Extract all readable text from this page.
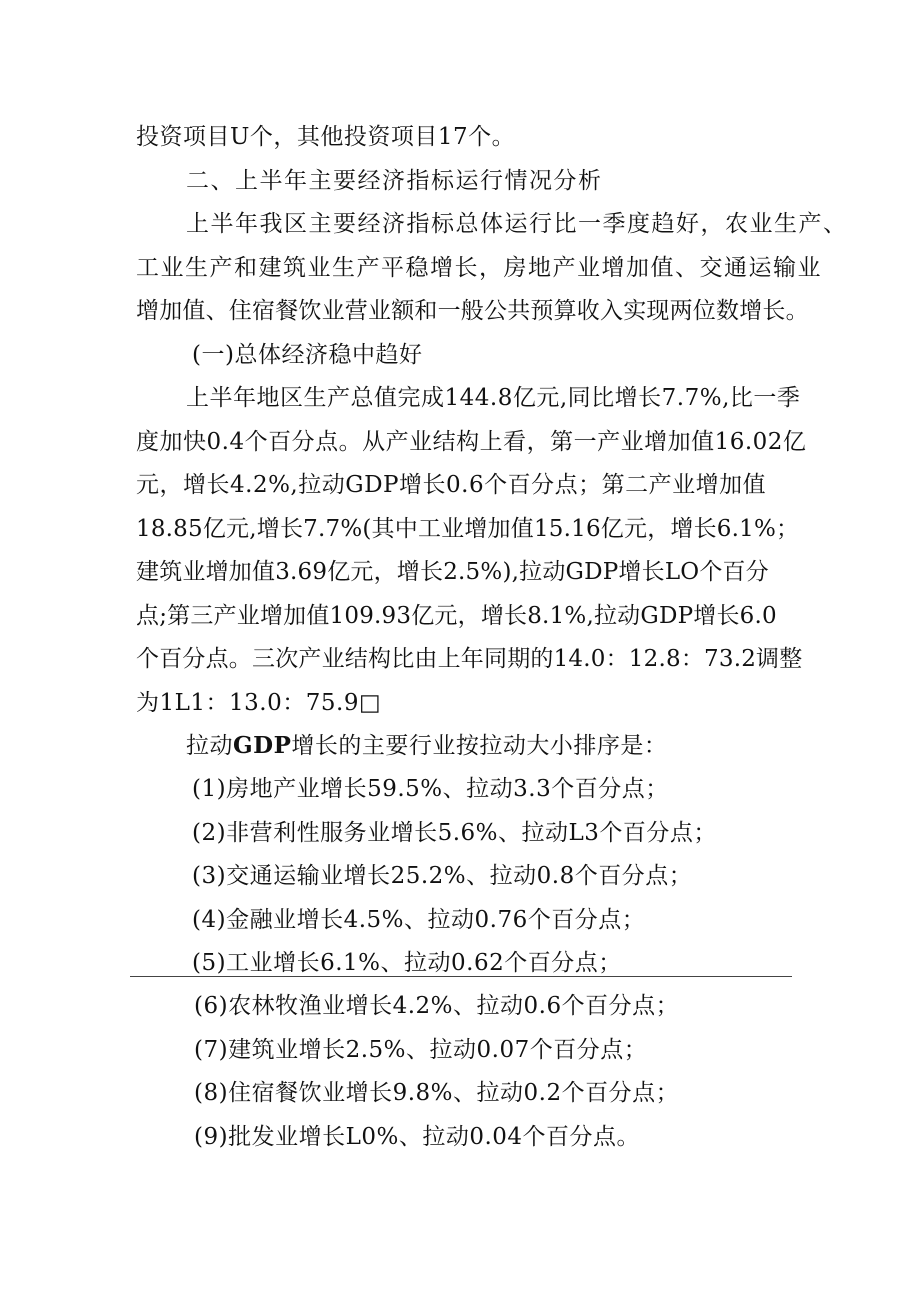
投资项目U个，其他投资项目17个。
二、上半年主要经济指标运行情况分析
上半年我区主要经济指标总体运行比一季度趋好，农业生产、
工业生产和建筑业生产平稳增长，房地产业增加值、交通运输业
增加值、住宿餐饮业营业额和一般公共预算收入实现两位数增长。
(一)总体经济稳中趋好
上半年地区生产总值完成144.8亿元,同比增长7.7%,比一季
度加快0.4个百分点。从产业结构上看，第一产业增加值16.02亿
元，增长4.2%,拉动GDP增长0.6个百分点；第二产业增加值
18.85亿元,增长7.7%(其中工业增加值15.16亿元，增长6.1%；
建筑业增加值3.69亿元，增长2.5%),拉动GDP增长LO个百分
点;第三产业增加值109.93亿元，增长8.1%,拉动GDP增长6.0
个百分点。三次产业结构比由上年同期的14.0：12.8：73.2调整
为1L1：13.0：75.9□
拉动GDP增长的主要行业按拉动大小排序是：
(1)房地产业增长59.5%、拉动3.3个百分点；
(2)非营利性服务业增长5.6%、拉动L3个百分点；
(3)交通运输业增长25.2%、拉动0.8个百分点；
(4)金融业增长4.5%、拉动0.76个百分点；
(5)工业增长6.1%、拉动0.62个百分点；
(6)农林牧渔业增长4.2%、拉动0.6个百分点；
(7)建筑业增长2.5%、拉动0.07个百分点；
(8)住宿餐饮业增长9.8%、拉动0.2个百分点；
(9)批发业增长L0%、拉动0.04个百分点。
